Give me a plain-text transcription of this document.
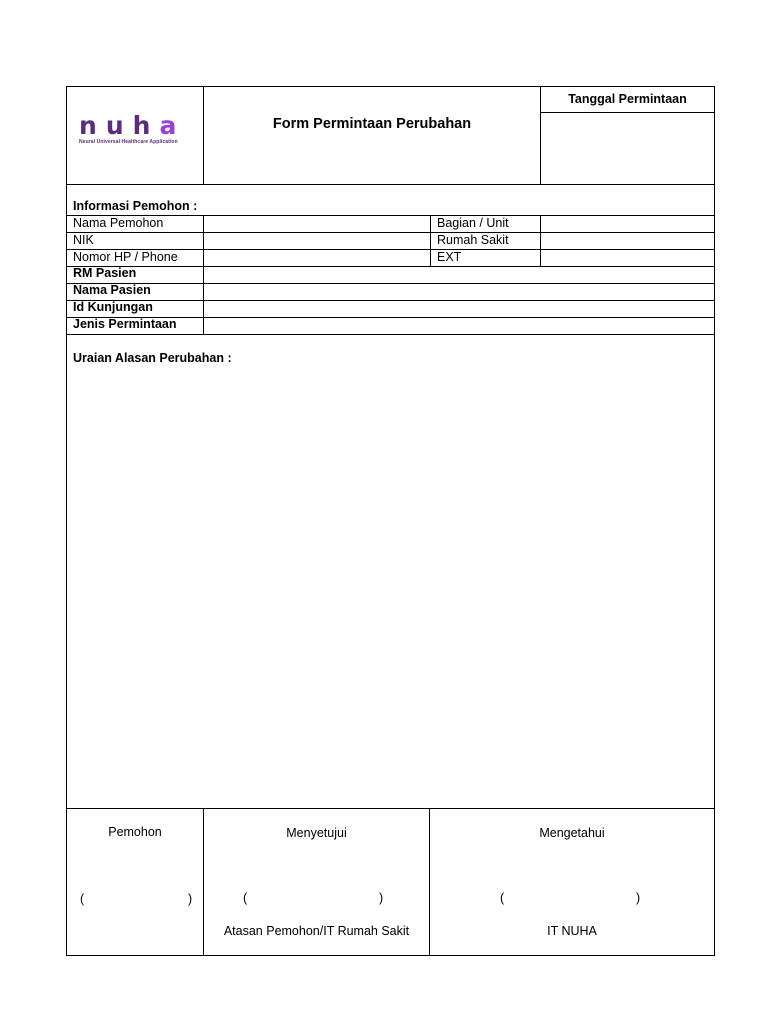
nuha
Neural Universal Healthcare Application
Form Permintaan Perubahan
Tanggal Permintaan
Informasi Pemohon :
Nama Pemohon	Bagian / Unit
NIK	Rumah Sakit
Nomor HP / Phone	EXT
RM Pasien
Nama Pasien
Id Kunjungan
Jenis Permintaan
Uraian Alasan Perubahan :
Pemohon
(	)
Menyetujui
(	)
Atasan Pemohon/IT Rumah Sakit
Mengetahui
(	)
IT NUHA
